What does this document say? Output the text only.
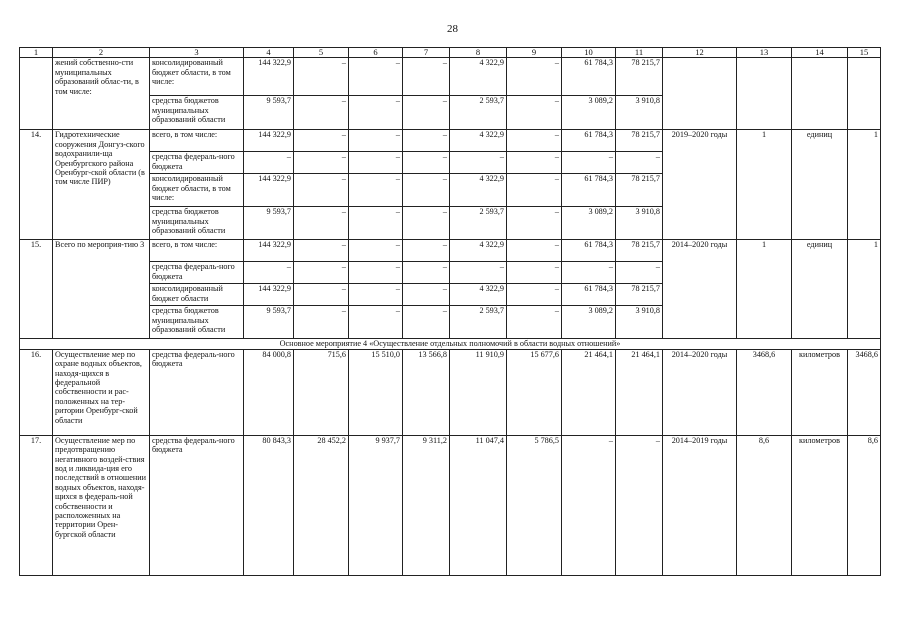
28
1	2	3	4	5	6	7	8	9	10	11	12	13	14	15
	жений собственно-сти муниципальных образований облас-ти, в том числе:	консолидированный бюджет области, в том числе:	144 322,9	–	–	–	4 322,9	–	61 784,3	78 215,7				
		средства бюджетов муниципальных образований области	9 593,7	–	–	–	2 593,7	–	3 089,2	3 910,8				
14.	Гидротехнические сооружения Донгуз-ского водохранили-ща Оренбургского района Оренбург-ской области (в том числе ПИР)	всего, в том числе:	144 322,9	–	–	–	4 322,9	–	61 784,3	78 215,7	2019–2020 годы	1	единиц	1
		средства федераль-ного бюджета	–	–	–	–	–	–	–	–				
		консолидированный бюджет области, в том числе:	144 322,9	–	–	–	4 322,9	–	61 784,3	78 215,7				
		средства бюджетов муниципальных образований области	9 593,7	–	–	–	2 593,7	–	3 089,2	3 910,8				
15.	Всего по мероприя-тию 3	всего, в том числе:	144 322,9	–	–	–	4 322,9	–	61 784,3	78 215,7	2014–2020 годы	1	единиц	1
		средства федераль-ного бюджета	–	–	–	–	–	–	–	–				
		консолидированный бюджет области	144 322,9	–	–	–	4 322,9	–	61 784,3	78 215,7				
		средства бюджетов муниципальных образований области	9 593,7	–	–	–	2 593,7	–	3 089,2	3 910,8				
Основное мероприятие 4 «Осуществление отдельных полномочий в области водных отношений»														
16.	Осуществление мер по охране водных объектов, находя-щихся в федеральной собственности и рас-положенных на тер-ритории Оренбург-ской области	средства федераль-ного бюджета	84 000,8	715,6	15 510,0	13 566,8	11 910,9	15 677,6	21 464,1	21 464,1	2014–2020 годы	3468,6	километров	3468,6
17.	Осуществление мер по предотвращению негативного воздей-ствия вод и ликвида-ция его последствий в отношении водных объектов, находя-щихся в федераль-ной собственности и расположенных на территории Орен-бургской области	средства федераль-ного бюджета	80 843,3	28 452,2	9 937,7	9 311,2	11 047,4	5 786,5	–	–	2014–2019 годы	8,6	километров	8,6
